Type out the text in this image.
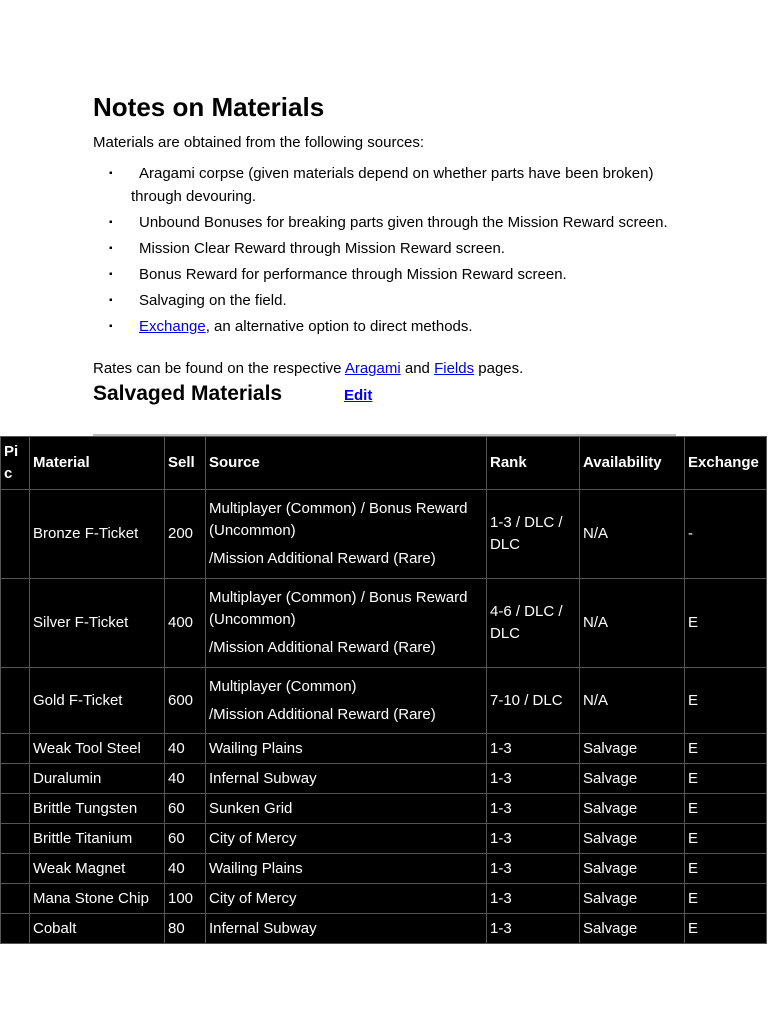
Notes on Materials

Materials are obtained from the following sources:

▪ Aragami corpse (given materials depend on whether parts have been broken) through devouring.
▪ Unbound Bonuses for breaking parts given through the Mission Reward screen.
▪ Mission Clear Reward through Mission Reward screen.
▪ Bonus Reward for performance through Mission Reward screen.
▪ Salvaging on the field.
▪ Exchange, an alternative option to direct methods.

Rates can be found on the respective Aragami and Fields pages.

Salvaged Materials	Edit
Pic	Material	Sell	Source	Rank	Availability	Exchange
	Bronze F-Ticket	200	Multiplayer (Common) / Bonus Reward (Uncommon)
/Mission Additional Reward (Rare)	1-3 / DLC / DLC	N/A	-
	Silver F-Ticket	400	Multiplayer (Common) / Bonus Reward (Uncommon)
/Mission Additional Reward (Rare)	4-6 / DLC / DLC	N/A	E
	Gold F-Ticket	600	Multiplayer (Common)
/Mission Additional Reward (Rare)	7-10 / DLC	N/A	E
	Weak Tool Steel	40	Wailing Plains	1-3	Salvage	E
	Duralumin	40	Infernal Subway	1-3	Salvage	E
	Brittle Tungsten	60	Sunken Grid	1-3	Salvage	E
	Brittle Titanium	60	City of Mercy	1-3	Salvage	E
	Weak Magnet	40	Wailing Plains	1-3	Salvage	E
	Mana Stone Chip	100	City of Mercy	1-3	Salvage	E
	Cobalt	80	Infernal Subway	1-3	Salvage	E
